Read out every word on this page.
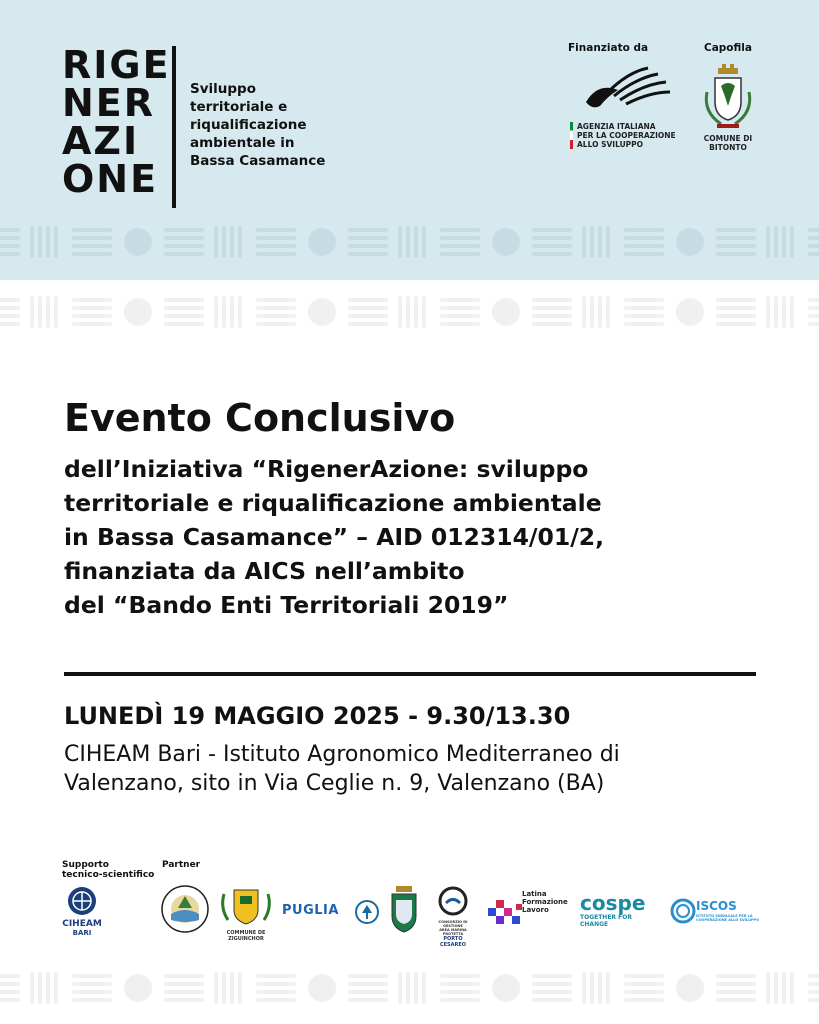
RIGE
NER
AZI
ONE
Sviluppo
territoriale e
riqualificazione
ambientale in
Bassa Casamance
Finanziato da
AGENZIA ITALIANA
PER LA COOPERAZIONE
ALLO SVILUPPO
Capofila
COMUNE DI
BITONTO
Evento Conclusivo
dell’Iniziativa “RigenerAzione: sviluppo
territoriale e riqualificazione ambientale
in Bassa Casamance” – AID 012314/01/2,
finanziata da AICS nell’ambito
del “Bando Enti Territoriali 2019”
LUNEDÌ 19 MAGGIO 2025 - 9.30/13.30
CIHEAM Bari - Istituto Agronomico Mediterraneo di
Valenzano, sito in Via Ceglie n. 9, Valenzano (BA)
Supporto
tecnico-scientifico
Partner
CIHEAM
BARI	COMMUNE DE ZIGUINCHOR
PUGLIA
CONSORZIO DI GESTIONE
AREA MARINA PROTETTA
PORTO CESAREO
Latina
Formazione
Lavoro	cospe
TOGETHER FOR CHANGE
ISCOS
ISTITUTO SINDACALE PER LA
COOPERAZIONE ALLO SVILUPPO
